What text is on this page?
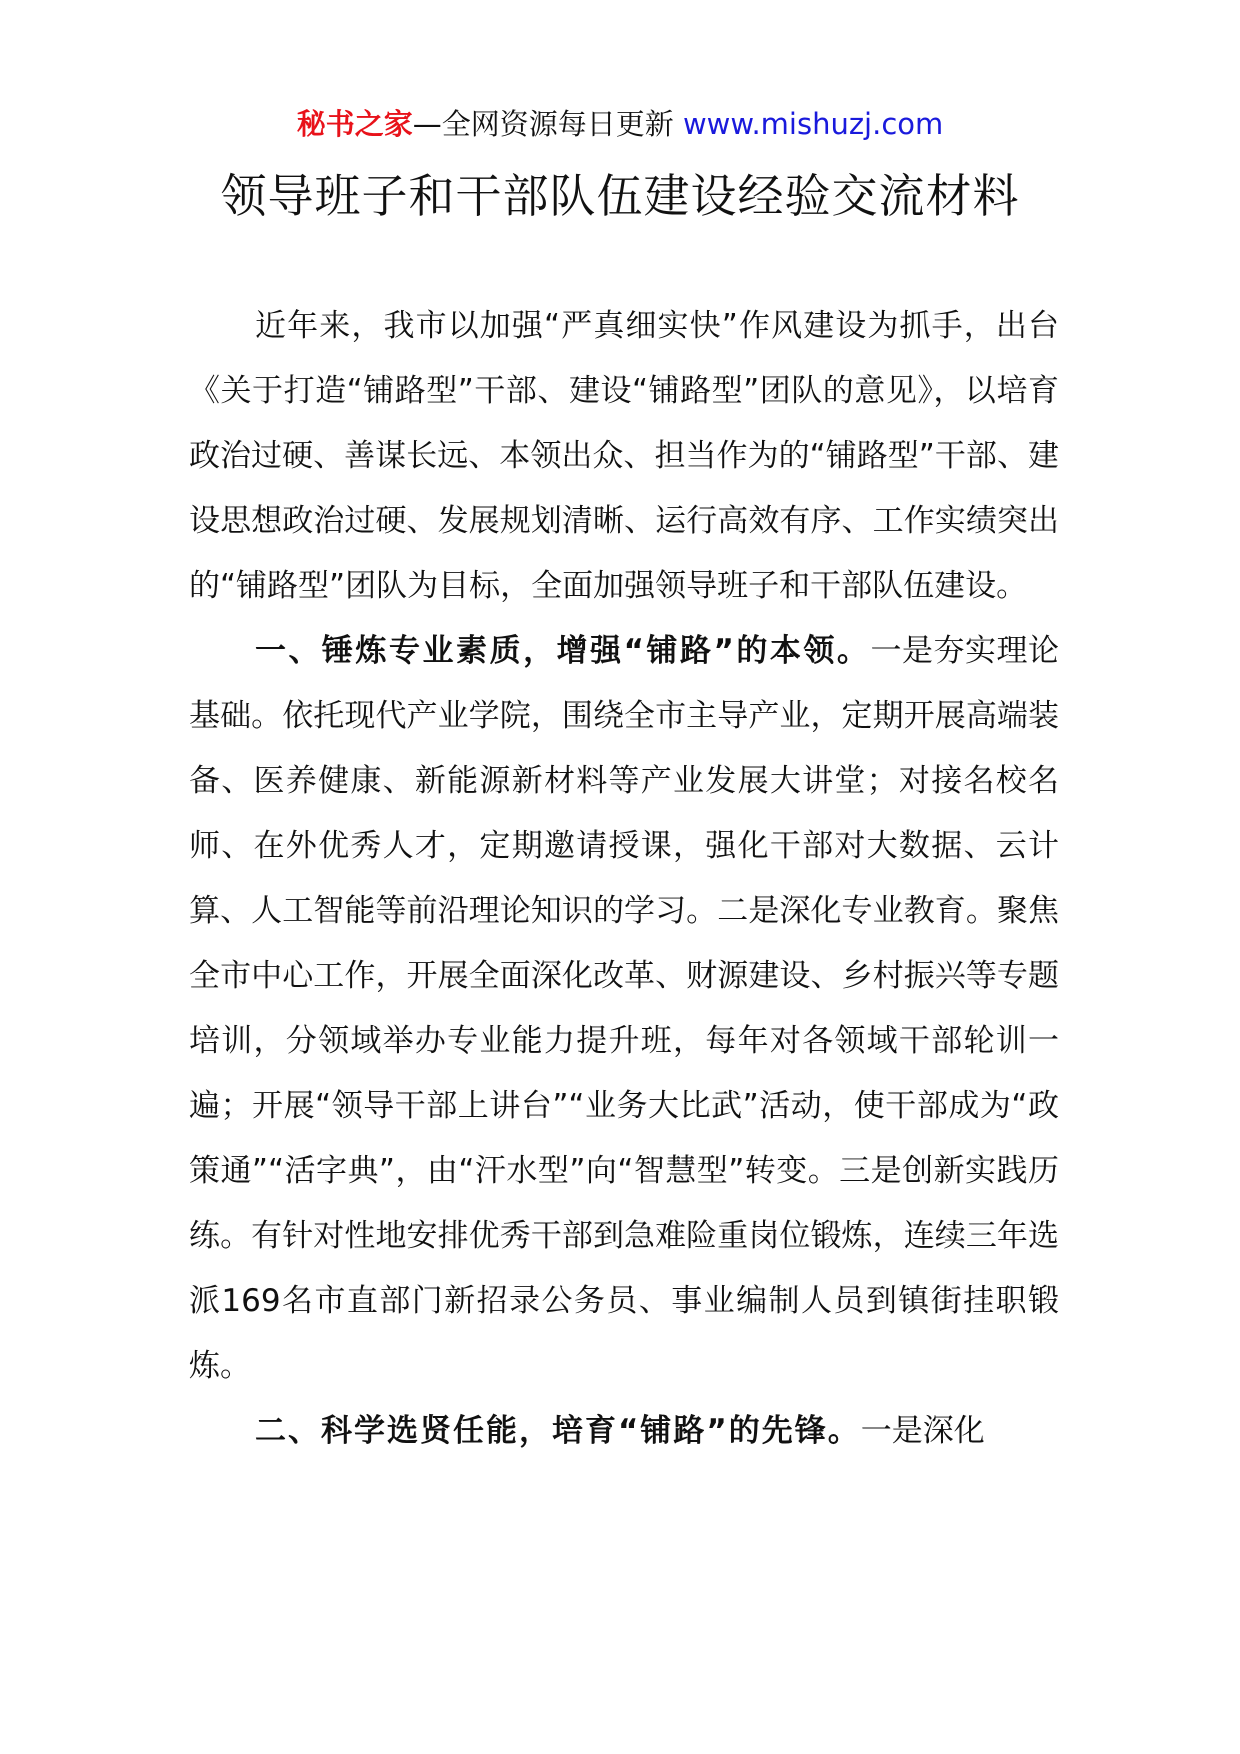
秘书之家—全网资源每日更新 www.mishuzj.com
领导班子和干部队伍建设经验交流材料

近年来，我市以加强“严真细实快”作风建设为抓手，出台《关于打造“铺路型”干部、建设“铺路型”团队的意见》，以培育政治过硬、善谋长远、本领出众、担当作为的“铺路型”干部、建设思想政治过硬、发展规划清晰、运行高效有序、工作实绩突出的“铺路型”团队为目标，全面加强领导班子和干部队伍建设。

一、锤炼专业素质，增强“铺路”的本领。一是夯实理论基础。依托现代产业学院，围绕全市主导产业，定期开展高端装备、医养健康、新能源新材料等产业发展大讲堂；对接名校名师、在外优秀人才，定期邀请授课，强化干部对大数据、云计算、人工智能等前沿理论知识的学习。二是深化专业教育。聚焦全市中心工作，开展全面深化改革、财源建设、乡村振兴等专题培训，分领域举办专业能力提升班，每年对各领域干部轮训一遍；开展“领导干部上讲台”“业务大比武”活动，使干部成为“政策通”“活字典”，由“汗水型”向“智慧型”转变。三是创新实践历练。有针对性地安排优秀干部到急难险重岗位锻炼，连续三年选派169名市直部门新招录公务员、事业编制人员到镇街挂职锻炼。

二、科学选贤任能，培育“铺路”的先锋。一是深化
